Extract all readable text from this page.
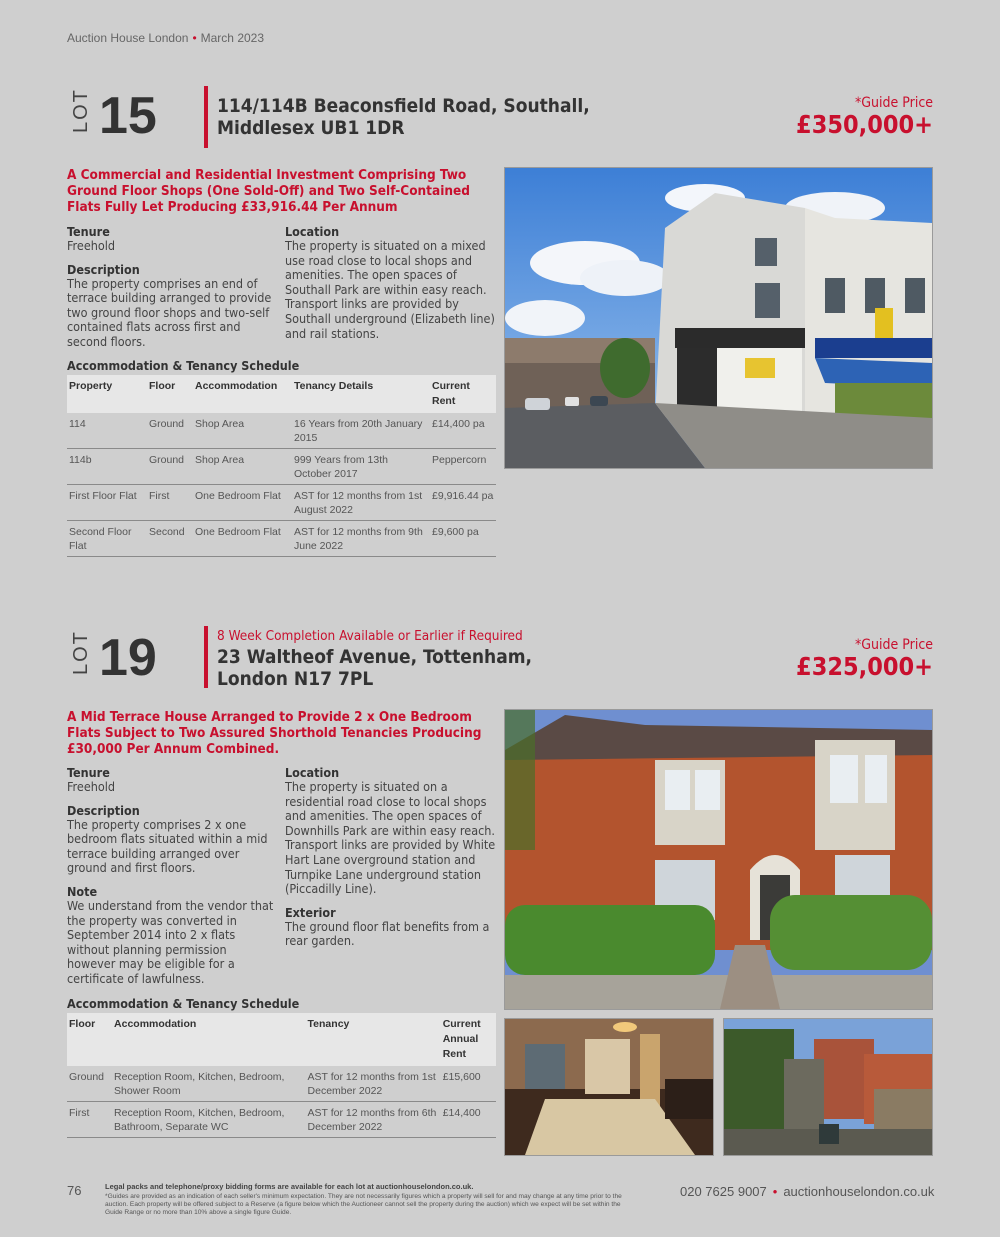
Auction House London • March 2023
LOT 15	114/114B Beaconsfield Road, Southall,
Middlesex UB1 1DR
*Guide Price
£350,000+
A Commercial and Residential Investment Comprising Two Ground Floor Shops (One Sold-Off) and Two Self-Contained Flats Fully Let Producing £33,916.44 Per Annum

Tenure

Freehold

Description

The property comprises an end of terrace building arranged to provide two ground floor shops and two-self contained flats across first and second floors.

Location

The property is situated on a mixed use road close to local shops and amenities. The open spaces of Southall Park are within easy reach. Transport links are provided by Southall underground (Elizabeth line) and rail stations.

Accommodation & Tenancy Schedule
Property	Floor	Accommodation	Tenancy Details	Current Rent
114	Ground	Shop Area	16 Years from 20th January 2015	£14,400 pa
114b	Ground	Shop Area	999 Years from 13th October 2017	Peppercorn
First Floor Flat	First	One Bedroom Flat	AST for 12 months from 1st August 2022	£9,916.44 pa
Second Floor Flat	Second	One Bedroom Flat	AST for 12 months from 9th June 2022	£9,600 pa
LOT 19	8 Week Completion Available or Earlier if Required
23 Waltheof Avenue, Tottenham,
London N17 7PL
*Guide Price
£325,000+
A Mid Terrace House Arranged to Provide 2 x One Bedroom Flats Subject to Two Assured Shorthold Tenancies Producing £30,000 Per Annum Combined.

Tenure

Freehold

Description

The property comprises 2 x one bedroom flats situated within a mid terrace building arranged over ground and first floors.

Note

We understand from the vendor that the property was converted in September 2014 into 2 x flats without planning permission however may be eligible for a certificate of lawfulness.

Location

The property is situated on a residential road close to local shops and amenities. The open spaces of Downhills Park are within easy reach. Transport links are provided by White Hart Lane overground station and Turnpike Lane underground station (Piccadilly Line).

Exterior

The ground floor flat benefits from a rear garden.

Accommodation & Tenancy Schedule
Floor	Accommodation	Tenancy	Current Annual Rent
Ground	Reception Room, Kitchen, Bedroom, Shower Room	AST for 12 months from 1st December 2022	£15,600
First	Reception Room, Kitchen, Bedroom, Bathroom, Separate WC	AST for 12 months from 6th December 2022	£14,400
76	Legal packs and telephone/proxy bidding forms are available for each lot at auctionhouselondon.co.uk.
*Guides are provided as an indication of each seller's minimum expectation. They are not necessarily figures which a property will sell for and may change at any time prior to the auction. Each property will be offered subject to a Reserve (a figure below which the Auctioneer cannot sell the property during the auction) which we expect will be set within the Guide Range or no more than 10% above a single figure Guide.
020 7625 9007 • auctionhouselondon.co.uk
